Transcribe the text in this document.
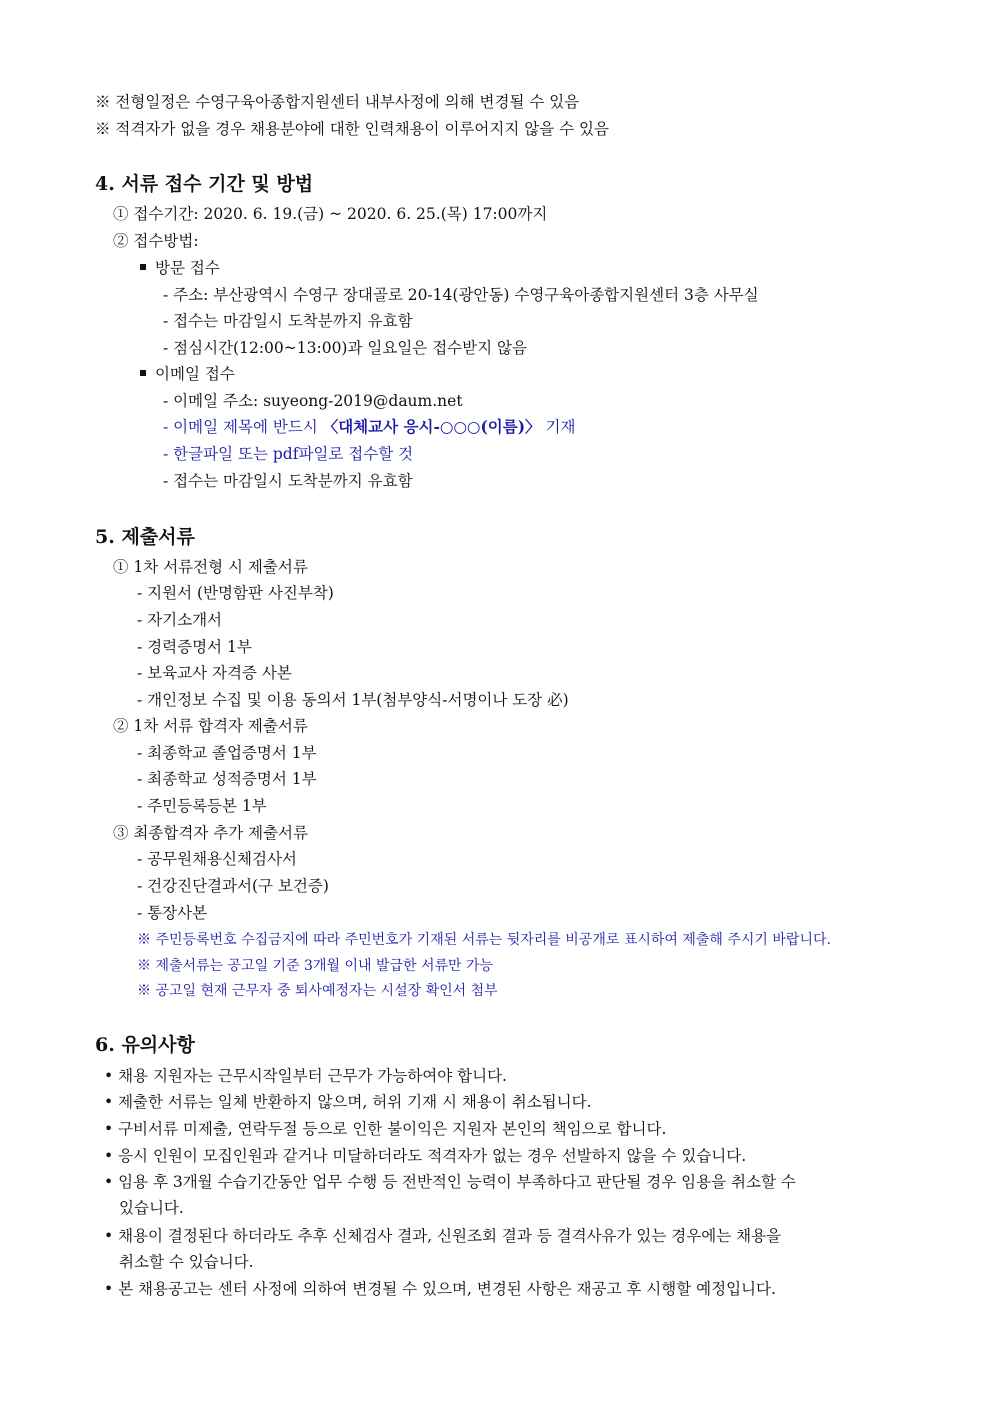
※ 전형일정은 수영구육아종합지원센터 내부사정에 의해 변경될 수 있음
※ 적격자가 없을 경우 채용분야에 대한 인력채용이 이루어지지 않을 수 있음
4. 서류 접수 기간 및 방법
① 접수기간: 2020. 6. 19.(금) ~ 2020. 6. 25.(목) 17:00까지
② 접수방법:
방문 접수
- 주소: 부산광역시 수영구 장대골로 20-14(광안동) 수영구육아종합지원센터 3층 사무실
- 접수는 마감일시 도착분까지 유효함
- 점심시간(12:00~13:00)과 일요일은 접수받지 않음
이메일 접수
- 이메일 주소: suyeong-2019@daum.net
- 이메일 제목에 반드시 〈대체교사 응시-○○○(이름)〉 기재
- 한글파일 또는 pdf파일로 접수할 것
- 접수는 마감일시 도착분까지 유효함
5. 제출서류
① 1차 서류전형 시 제출서류
- 지원서 (반명함판 사진부착)
- 자기소개서
- 경력증명서 1부
- 보육교사 자격증 사본
- 개인정보 수집 및 이용 동의서 1부(첨부양식-서명이나 도장 必)
② 1차 서류 합격자 제출서류
- 최종학교 졸업증명서 1부
- 최종학교 성적증명서 1부
- 주민등록등본 1부
③ 최종합격자 추가 제출서류
- 공무원채용신체검사서
- 건강진단결과서(구 보건증)
- 통장사본
※ 주민등록번호 수집금지에 따라 주민번호가 기재된 서류는 뒷자리를 비공개로 표시하여 제출해 주시기 바랍니다.
※ 제출서류는 공고일 기준 3개월 이내 발급한 서류만 가능
※ 공고일 현재 근무자 중 퇴사예정자는 시설장 확인서 첨부
6. 유의사항
• 채용 지원자는 근무시작일부터 근무가 가능하여야 합니다.
• 제출한 서류는 일체 반환하지 않으며, 허위 기재 시 채용이 취소됩니다.
• 구비서류 미제출, 연락두절 등으로 인한 불이익은 지원자 본인의 책임으로 합니다.
• 응시 인원이 모집인원과 같거나 미달하더라도 적격자가 없는 경우 선발하지 않을 수 있습니다.
• 임용 후 3개월 수습기간동안 업무 수행 등 전반적인 능력이 부족하다고 판단될 경우 임용을 취소할 수
있습니다.
• 채용이 결정된다 하더라도 추후 신체검사 결과, 신원조회 결과 등 결격사유가 있는 경우에는 채용을
취소할 수 있습니다.
• 본 채용공고는 센터 사정에 의하여 변경될 수 있으며, 변경된 사항은 재공고 후 시행할 예정입니다.
